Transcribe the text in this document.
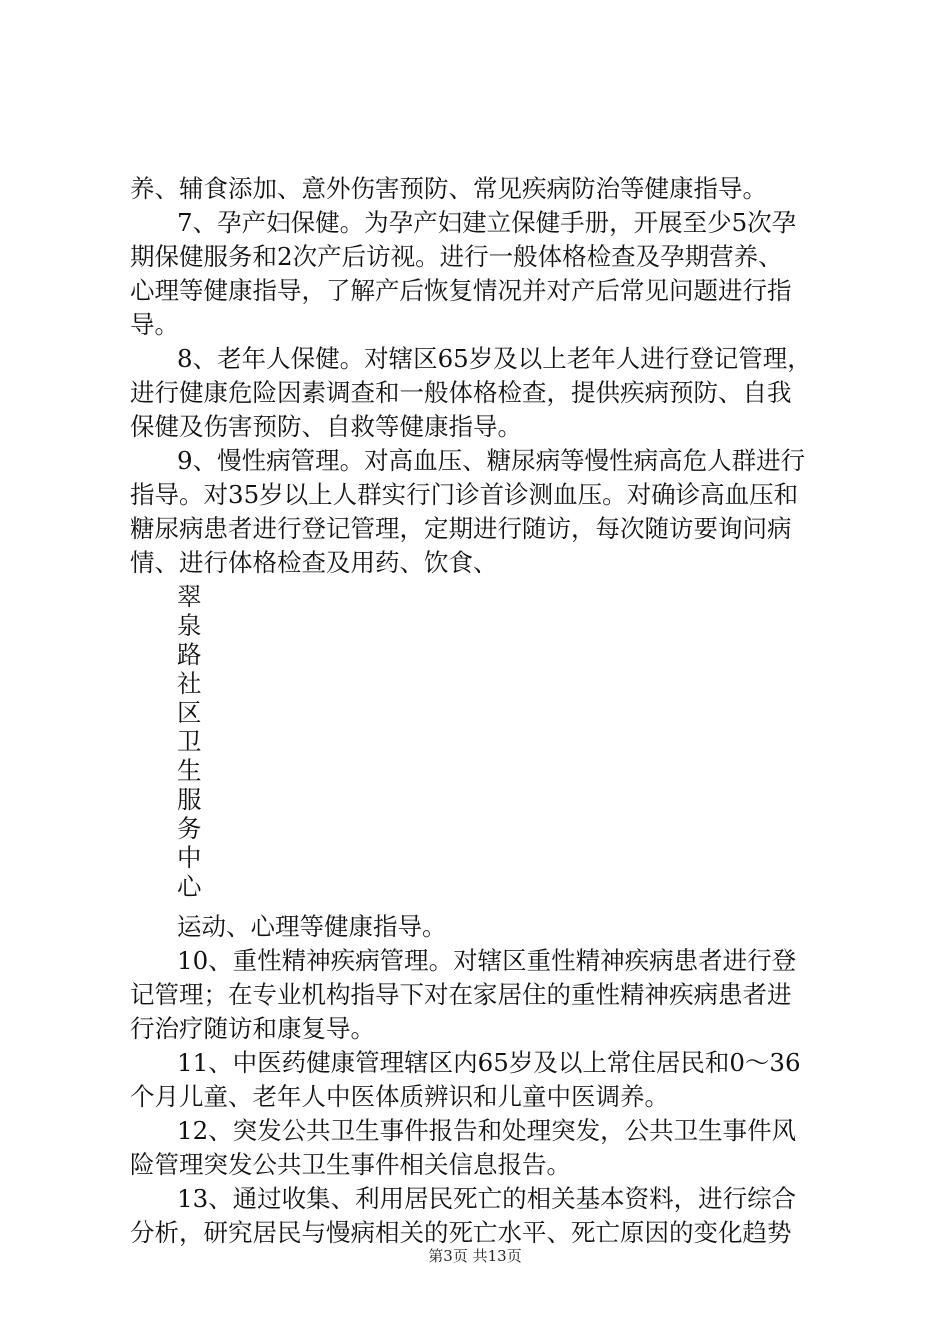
养、辅食添加、意外伤害预防、常见疾病防治等健康指导。
7、孕产妇保健。为孕产妇建立保健手册，开展至少5次孕
期保健服务和2次产后访视。进行一般体格检查及孕期营养、
心理等健康指导，了解产后恢复情况并对产后常见问题进行指
导。
8、老年人保健。对辖区65岁及以上老年人进行登记管理，
进行健康危险因素调查和一般体格检查，提供疾病预防、自我
保健及伤害预防、自救等健康指导。
9、慢性病管理。对高血压、糖尿病等慢性病高危人群进行
指导。对35岁以上人群实行门诊首诊测血压。对确诊高血压和
糖尿病患者进行登记管理，定期进行随访，每次随访要询问病
情、进行体格检查及用药、饮食、
翠
泉
路
社
区
卫
生
服
务
中
心
运动、心理等健康指导。
10、重性精神疾病管理。对辖区重性精神疾病患者进行登
记管理；在专业机构指导下对在家居住的重性精神疾病患者进
行治疗随访和康复导。
11、中医药健康管理辖区内65岁及以上常住居民和0～36
个月儿童、老年人中医体质辨识和儿童中医调养。
12、突发公共卫生事件报告和处理突发，公共卫生事件风
险管理突发公共卫生事件相关信息报告。
13、通过收集、利用居民死亡的相关基本资料，进行综合
分析，研究居民与慢病相关的死亡水平、死亡原因的变化趋势
第3页 共13页
